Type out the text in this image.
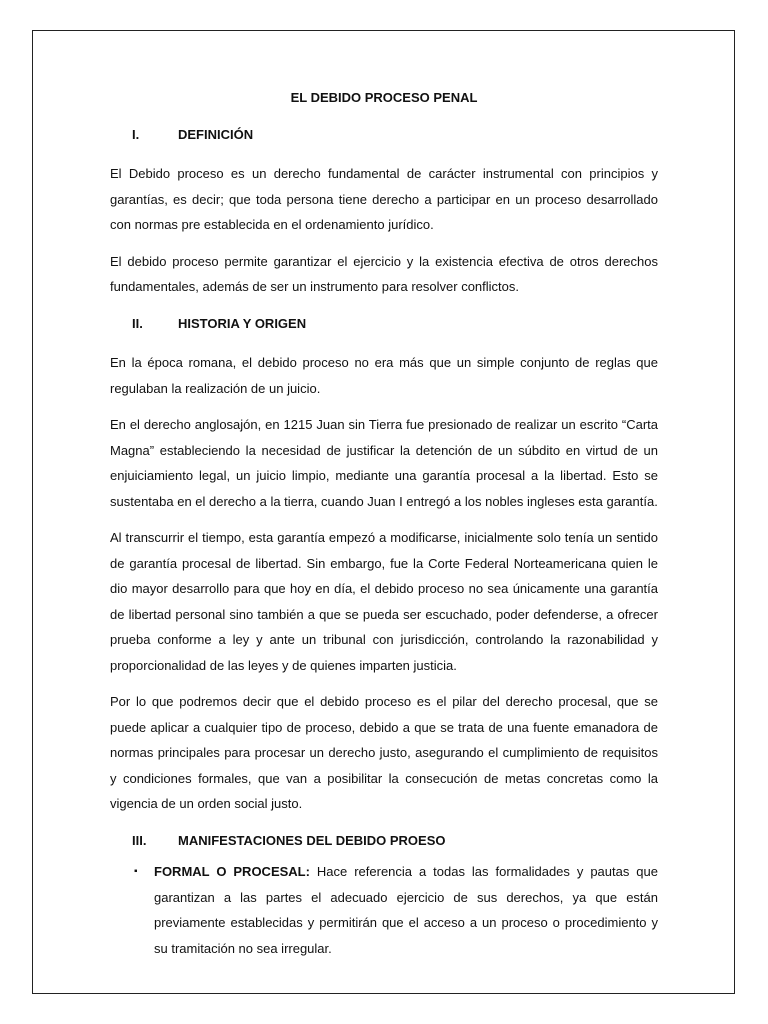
EL DEBIDO PROCESO PENAL
I.	DEFINICIÓN

El Debido proceso es un derecho fundamental de carácter instrumental con principios y garantías, es decir; que toda persona tiene derecho a participar en un proceso desarrollado con normas pre establecida en el ordenamiento jurídico.

El debido proceso permite garantizar el ejercicio y la existencia efectiva de otros derechos fundamentales, además de ser un instrumento para resolver conflictos.

II.	HISTORIA Y ORIGEN

En la época romana, el debido proceso no era más que un simple conjunto de reglas que regulaban la realización de un juicio.

En el derecho anglosajón, en 1215 Juan sin Tierra fue presionado de realizar un escrito “Carta Magna” estableciendo la necesidad de justificar la detención de un súbdito en virtud de un enjuiciamiento legal, un juicio limpio, mediante una garantía procesal a la libertad. Esto se sustentaba en el derecho a la tierra, cuando Juan I entregó a los nobles ingleses esta garantía.

Al transcurrir el tiempo, esta garantía empezó a modificarse, inicialmente solo tenía un sentido de garantía procesal de libertad. Sin embargo, fue la Corte Federal Norteamericana quien le dio mayor desarrollo para que hoy en día, el debido proceso no sea únicamente una garantía de libertad personal sino también a que se pueda ser escuchado, poder defenderse, a ofrecer prueba conforme a ley y ante un tribunal con jurisdicción, controlando la razonabilidad y proporcionalidad de las leyes y de quienes imparten justicia.

Por lo que podremos decir que el debido proceso es el pilar del derecho procesal, que se puede aplicar a cualquier tipo de proceso, debido a que se trata de una fuente emanadora de normas principales para procesar un derecho justo, asegurando el cumplimiento de requisitos y condiciones formales, que van a posibilitar la consecución de metas concretas como la vigencia de un orden social justo.

III.	MANIFESTACIONES DEL DEBIDO PROESO
▪	FORMAL O PROCESAL: Hace referencia a todas las formalidades y pautas que garantizan a las partes el adecuado ejercicio de sus derechos, ya que están previamente establecidas y permitirán que el acceso a un proceso o procedimiento y su tramitación no sea irregular.
